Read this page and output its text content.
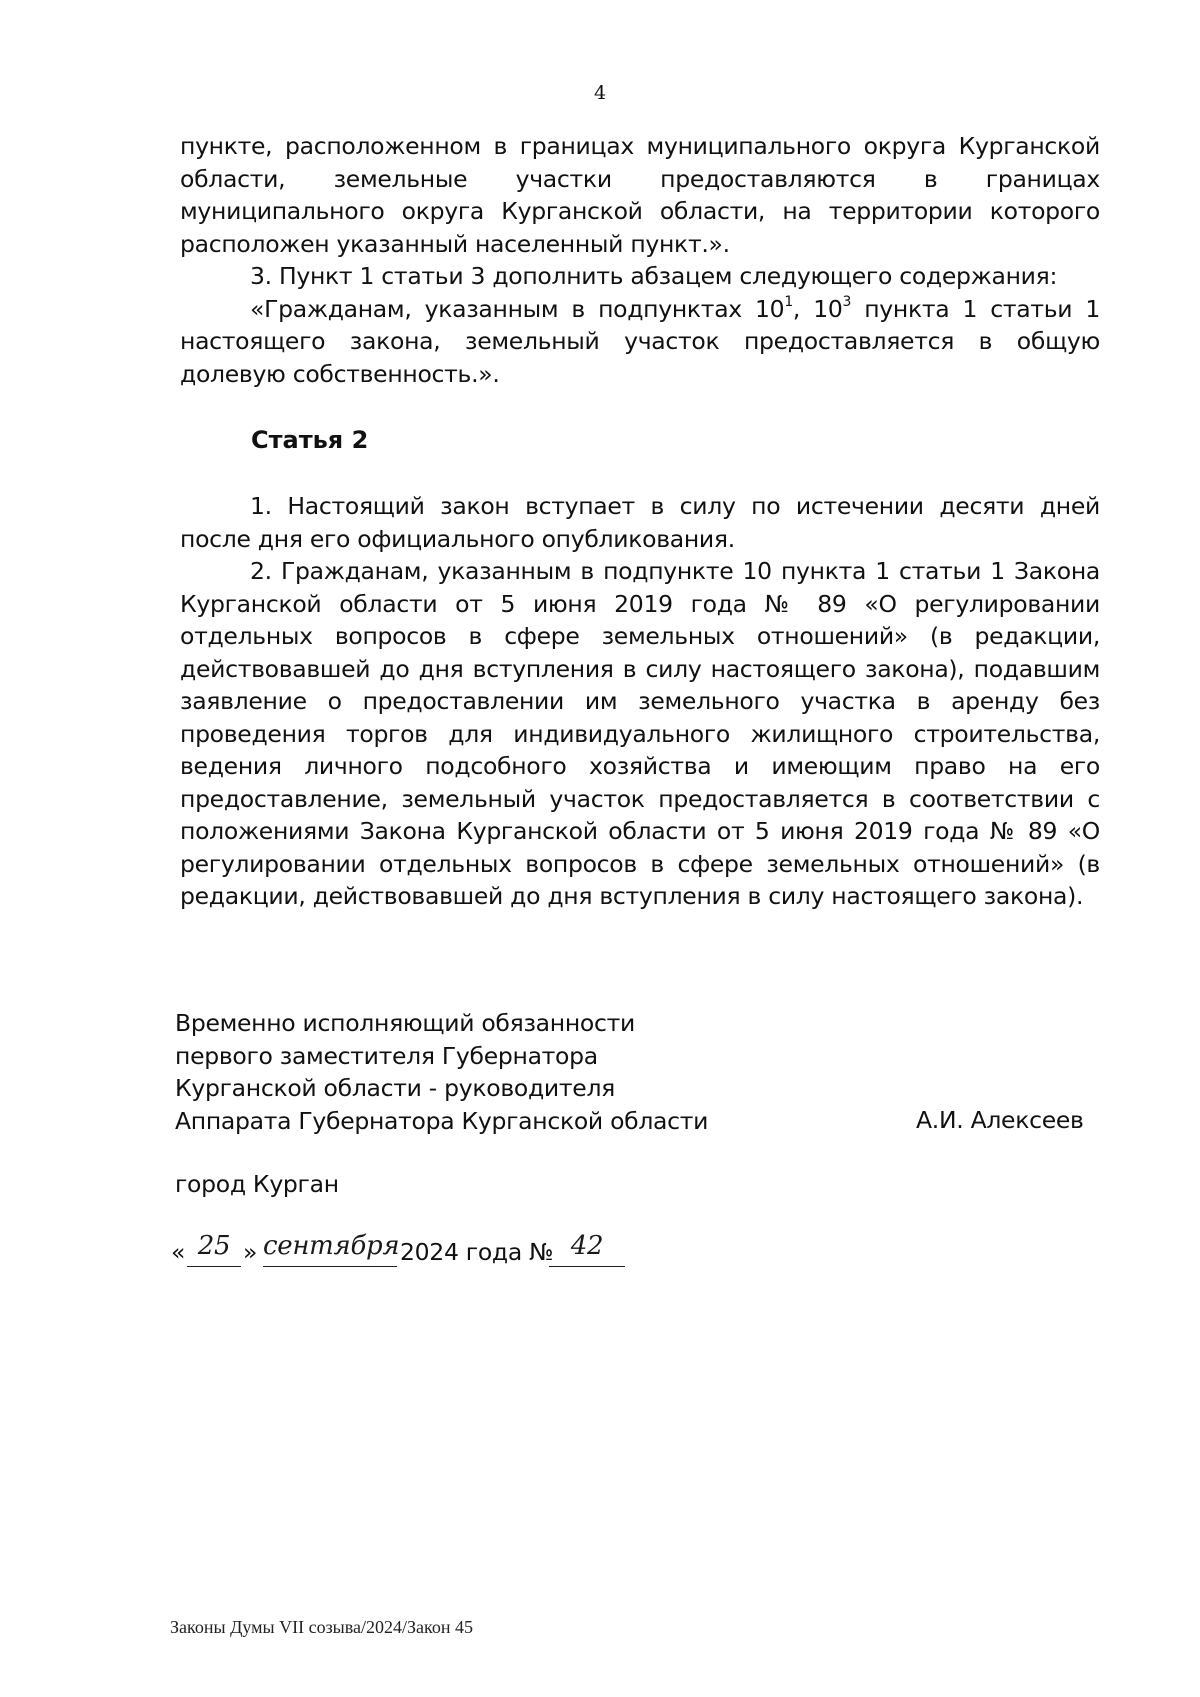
4

пункте, расположенном в границах муниципального округа Курганской области, земельные участки предоставляются в границах муниципального округа Курганской области, на территории которого расположен указанный населенный пункт.».

3. Пункт 1 статьи 3 дополнить абзацем следующего содержания:

«Гражданам, указанным в подпунктах $10^1$, $10^3$ пункта 1 статьи 1 настоящего закона, земельный участок предоставляется в общую долевую собственность.».

Статья 2

1. Настоящий закон вступает в силу по истечении десяти дней после дня его официального опубликования.

2. Гражданам, указанным в подпункте 10 пункта 1 статьи 1 Закона Курганской области от 5 июня 2019 года № 89 «О регулировании отдельных вопросов в сфере земельных отношений» (в редакции, действовавшей до дня вступления в силу настоящего закона), подавшим заявление о предоставлении им земельного участка в аренду без проведения торгов для индивидуального жилищного строительства, ведения личного подсобного хозяйства и имеющим право на его предоставление, земельный участок предоставляется в соответствии с положениями Закона Курганской области от 5 июня 2019 года № 89 «О регулировании отдельных вопросов в сфере земельных отношений» (в редакции, действовавшей до дня вступления в силу настоящего закона).

Временно исполняющий обязанности
первого заместителя Губернатора
Курганской области - руководителя
Аппарата Губернатора Курганской области	А.И. Алексеев
город Курган
« 25 » сентября 2024 года № 42
Законы Думы VII созыва/2024/Закон 45
